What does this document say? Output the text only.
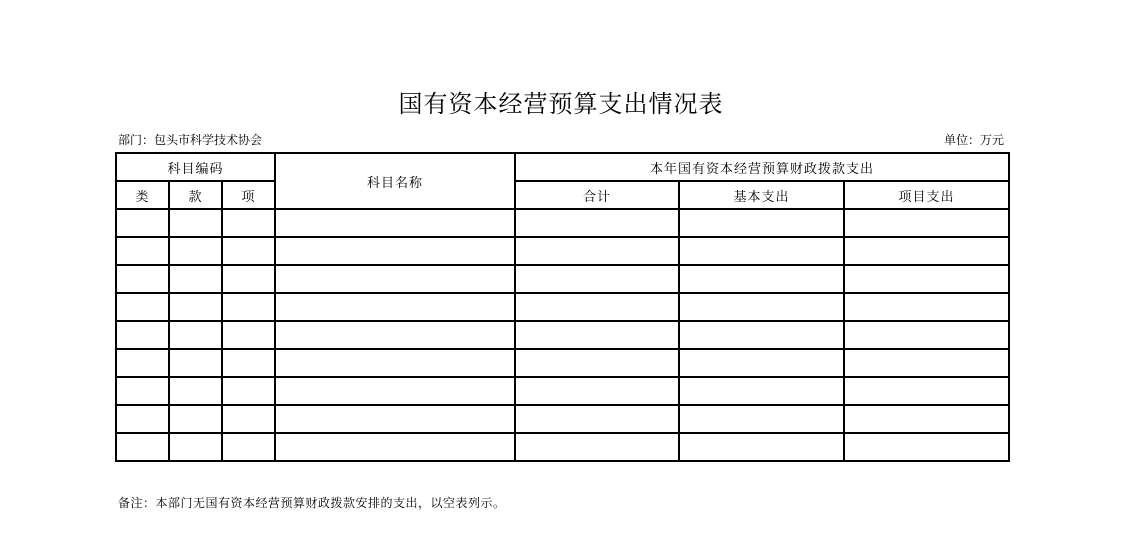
国有资本经营预算支出情况表
部门：包头市科学技术协会	单位：万元
科目编码			科目名称	本年国有资本经营预算财政拨款支出		
类	款	项		合计	基本支出	项目支出

备注：本部门无国有资本经营预算财政拨款安排的支出，以空表列示。
